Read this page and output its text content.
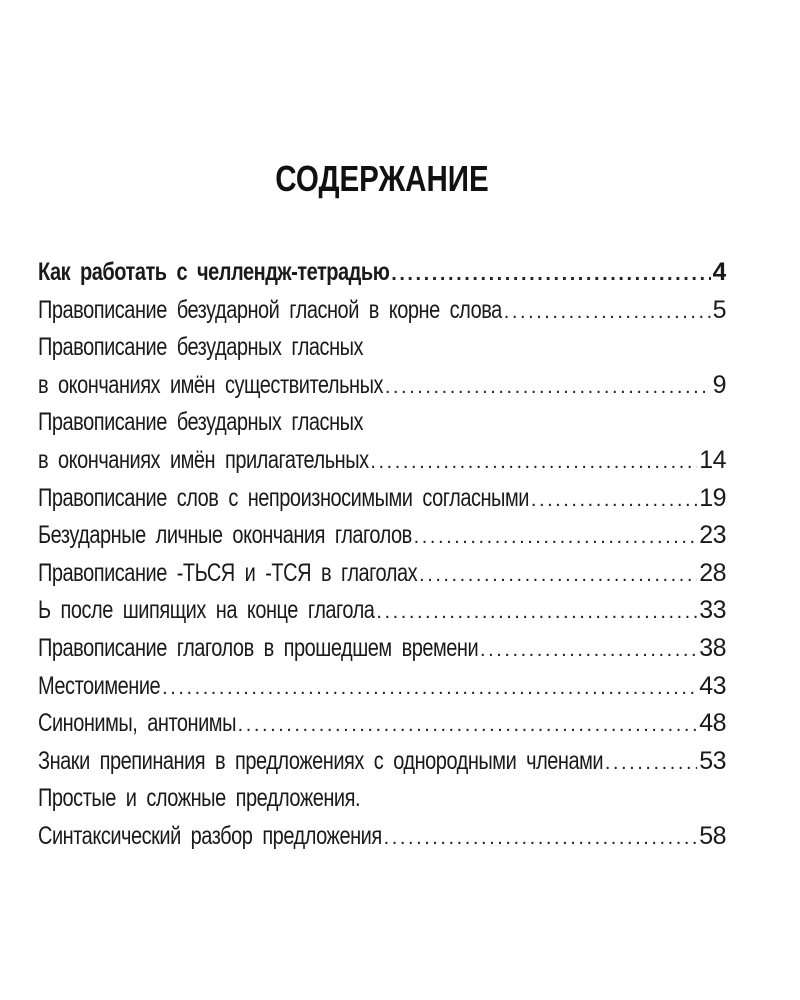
СОДЕРЖАНИЕ
Как работать с челлендж-тетрадью . . .	4
Правописание безударной гласной в корне слова . . .	5
Правописание безударных гласных
в окончаниях имён существительных . . .	9
Правописание безударных гласных
в окончаниях имён прилагательных . . .	14
Правописание слов с непроизносимыми согласными . . .	19
Безударные личные окончания глаголов . . .	23
Правописание -ТЬСЯ и -ТСЯ в глаголах . . .	28
Ь после шипящих на конце глагола . . .	33
Правописание глаголов в прошедшем времени . . .	38
Местоимение . . .	43
Синонимы, антонимы . . .	48
Знаки препинания в предложениях с однородными членами . . .	53
Простые и сложные предложения.
Синтаксический разбор предложения . . .	58
